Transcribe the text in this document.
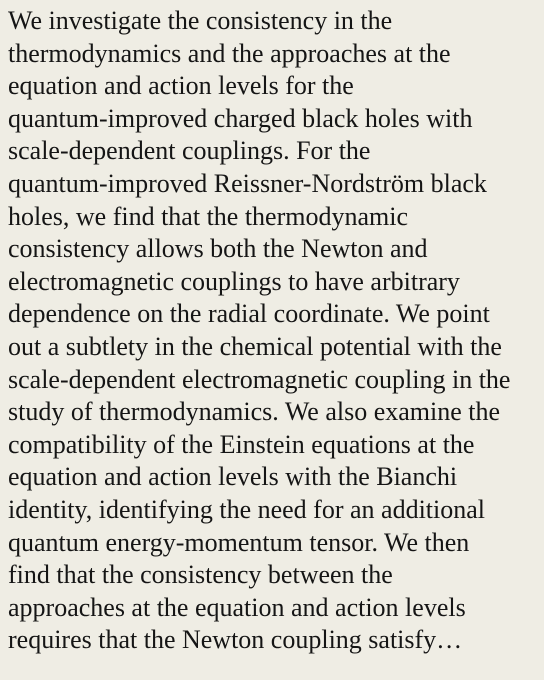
We investigate the consistency in the
thermodynamics and the approaches at the
equation and action levels for the
quantum-improved charged black holes with
scale-dependent couplings. For the
quantum-improved Reissner-Nordström black
holes, we find that the thermodynamic
consistency allows both the Newton and
electromagnetic couplings to have arbitrary
dependence on the radial coordinate. We point
out a subtlety in the chemical potential with the
scale-dependent electromagnetic coupling in the
study of thermodynamics. We also examine the
compatibility of the Einstein equations at the
equation and action levels with the Bianchi
identity, identifying the need for an additional
quantum energy-momentum tensor. We then
find that the consistency between the
approaches at the equation and action levels
requires that the Newton coupling satisfy…
